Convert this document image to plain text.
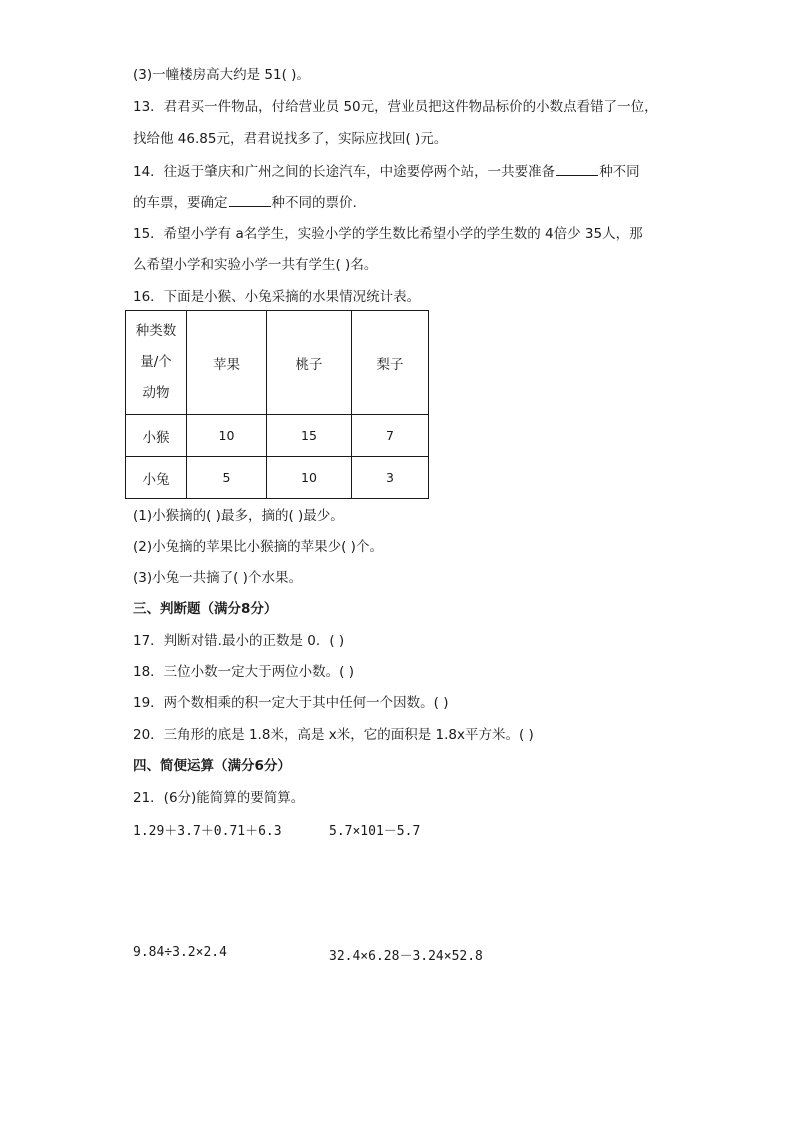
(3)一幢楼房高大约是 51( )。
13．君君买一件物品，付给营业员 50元，营业员把这件物品标价的小数点看错了一位，
找给他 46.85元，君君说找多了，实际应找回( )元。
14．往返于肇庆和广州之间的长途汽车，中途要停两个站，一共要准备	种不同
的车票，要确定	种不同的票价.
15．希望小学有 a名学生，实验小学的学生数比希望小学的学生数的 4倍少 35人，那
么希望小学和实验小学一共有学生( )名。
16．下面是小猴、小兔采摘的水果情况统计表。
种类数
量/个
动物	苹果	桃子	梨子
小猴	10	15	7
小兔	5	10	3
(1)小猴摘的( )最多，摘的( )最少。
(2)小兔摘的苹果比小猴摘的苹果少( )个。
(3)小兔一共摘了( )个水果。
三、判断题（满分8分）
17．判断对错.最小的正数是 0．( )
18．三位小数一定大于两位小数。( )
19．两个数相乘的积一定大于其中任何一个因数。( )
20．三角形的底是 1.8米，高是 x米，它的面积是 1.8x平方米。( )
四、简便运算（满分6分）
21．(6分)能简算的要简算。
1.29＋3.7＋0.71＋6.3	5.7×101－5.7
9.84÷3.2×2.4	32.4×6.28－3.24×52.8
